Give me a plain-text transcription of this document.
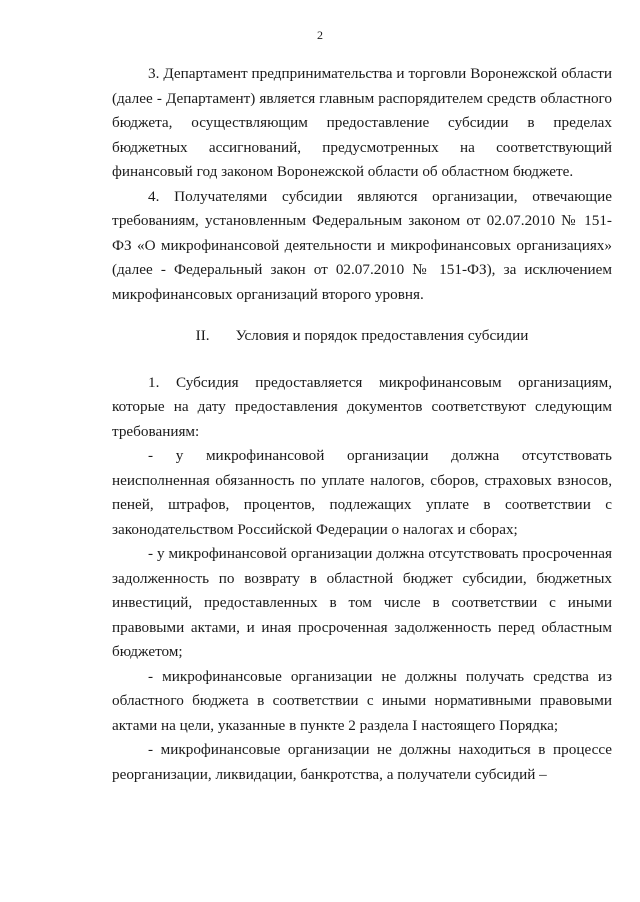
2

3. Департамент предпринимательства и торговли Воронежской области (далее - Департамент) является главным распорядителем средств областного бюджета, осуществляющим предоставление субсидии в пределах бюджетных ассигнований, предусмотренных на соответствующий финансовый год законом Воронежской области об областном бюджете.

4. Получателями субсидии являются организации, отвечающие требованиям, установленным Федеральным законом от 02.07.2010 № 151-ФЗ «О микрофинансовой деятельности и микрофинансовых организациях» (далее - Федеральный закон от 02.07.2010 № 151-ФЗ), за исключением микрофинансовых организаций второго уровня.

II. Условия и порядок предоставления субсидии

1. Субсидия предоставляется микрофинансовым организациям, которые на дату предоставления документов соответствуют следующим требованиям:

- у микрофинансовой организации должна отсутствовать неисполненная обязанность по уплате налогов, сборов, страховых взносов, пеней, штрафов, процентов, подлежащих уплате в соответствии с законодательством Российской Федерации о налогах и сборах;

- у микрофинансовой организации должна отсутствовать просроченная задолженность по возврату в областной бюджет субсидии, бюджетных инвестиций, предоставленных в том числе в соответствии с иными правовыми актами, и иная просроченная задолженность перед областным бюджетом;

- микрофинансовые организации не должны получать средства из областного бюджета в соответствии с иными нормативными правовыми актами на цели, указанные в пункте 2 раздела I настоящего Порядка;

- микрофинансовые организации не должны находиться в процессе реорганизации, ликвидации, банкротства, а получатели субсидий –
